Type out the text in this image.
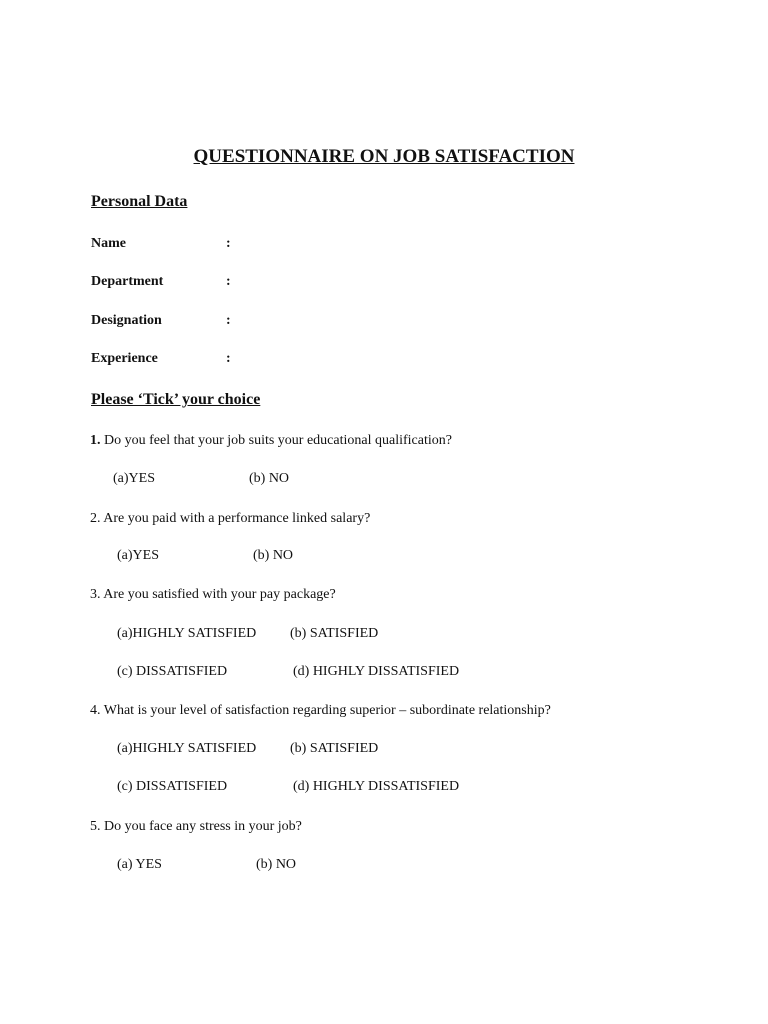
QUESTIONNAIRE ON JOB SATISFACTION
Personal Data
Name	:
Department	:
Designation	:
Experience	:
Please ‘Tick’ your choice
1. Do you feel that your job suits your educational qualification?
(a)YES	(b) NO
2. Are you paid with a performance linked salary?
(a)YES	(b) NO
3. Are you satisfied with your pay package?
(a)HIGHLY SATISFIED (b) SATISFIED
(c) DISSATISFIED	(d) HIGHLY DISSATISFIED
4. What is your level of satisfaction regarding superior – subordinate relationship?
(a)HIGHLY SATISFIED (b) SATISFIED
(c) DISSATISFIED	(d) HIGHLY DISSATISFIED
5. Do you face any stress in your job?
(a) YES	(b) NO
